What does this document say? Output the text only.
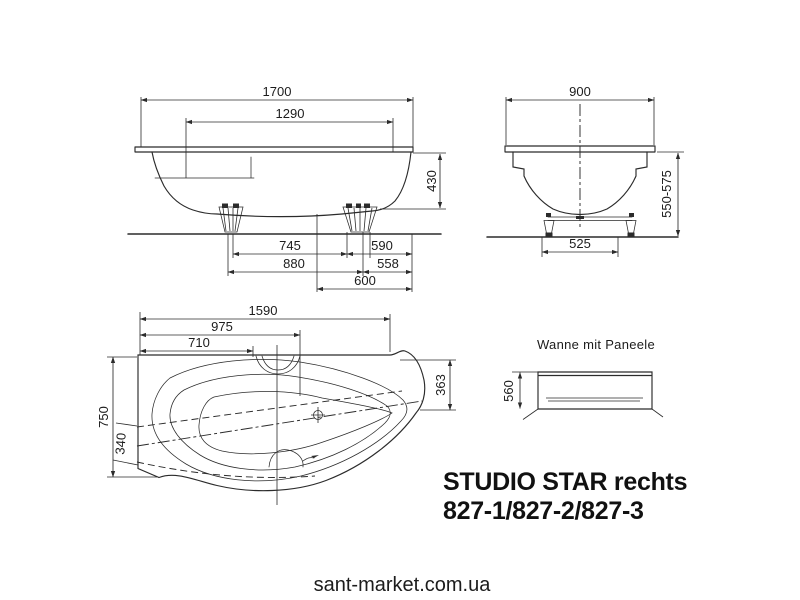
1700
1290
430
745	590
880	558
600
900
550-575
525
1590
975
710
750
363
340
Wanne mit Paneele
560
STUDIO STAR rechts
827-1/827-2/827-3
sant-market.com.ua
